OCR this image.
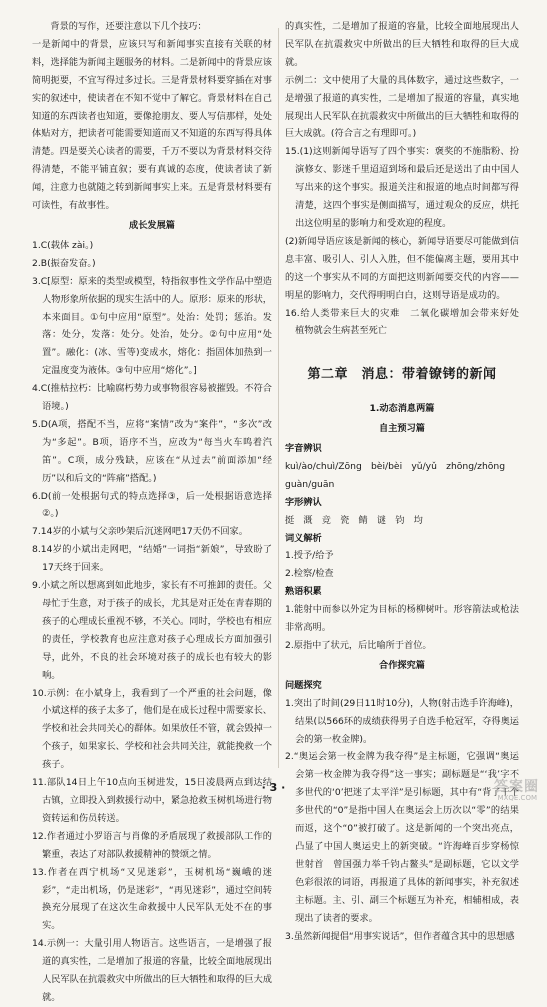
背景的写作，还要注意以下几个技巧：

一是新闻中的背景，应该只写和新闻事实直接有关联的材料，选择能为新闻主题服务的材料。二是新闻中的背景应该简明扼要，不宜写得过多过长。三是背景材料要穿插在对事实的叙述中，使读者在不知不觉中了解它。背景材料在自己知道的东西读者也知道，要像抢朋友、要人写信那样，处处体贴对方，把读者可能需要知道而又不知道的东西写得具体清楚。四是要关心读者的需要，千万不要以为背景材料交待得清楚，不能平铺直叙；要有真诚的态度，使读者读了新闻，注意力也就随之转到新闻事实上来。五是背景材料要有可读性，有故事性。

成长发展篇

1.C(载体 zài。)

2.B(振奋发奋。)

3.C[原型：原来的类型或模型，特指叙事性文学作品中塑造人物形象所依据的现实生活中的人。原形：原来的形状，本来面目。①句中应用“原型”。处治：处罚；惩治。发落：处分，发落：处分。处治，处分。②句中应用“处置”。融化：(冰、雪等)变成水，熔化：指固体加热到一定温度变为液体。③句中应用“熔化”。]

4.C(推枯拉朽：比喻腐朽势力或事物很容易被摧毁。不符合语境。)

5.D(A项，搭配不当，应将“案情”改为“案件”，“多次”改为“多起”。B项，语序不当，应改为“每当火车鸣着汽笛”。C项，成分残缺，应该在“从过去”前面添加“经历”以和后文的“阵痛”搭配。)

6.D(前一处根据句式的特点选择③，后一处根据语意选择②。)

7.14岁的小斌与父亲吵架后沉迷网吧17天仍不回家。

8.14岁的小斌出走网吧，“结婚”一词指“新娘”，导致盼了17天终于回来。

9.小斌之所以想离到如此地步，家长有不可推卸的责任。父母忙于生意，对于孩子的成长，尤其是对正处在青春期的孩子的心理成长重视不够，不关心。同时，学校也有相应的责任，学校教育也应注意对孩子心理成长方面加强引导，此外，不良的社会环境对孩子的成长也有较大的影响。

10.示例：在小斌身上，我看到了一个严重的社会问题，像小斌这样的孩子太多了，他们是在成长过程中需要家长、学校和社会共同关心的群体。如果放任不管，就会毁掉一个孩子，如果家长、学校和社会共同关注，就能挽救一个孩子。

11.部队14日上午10点向玉树进发，15日凌晨两点到达结古镇，立即投入到救援行动中，紧急抢救玉树机场进行物资转运和伤员转送。

12.作者通过小罗语言与肖像的矛盾展现了救援部队工作的繁重，表达了对部队救援精神的赞颂之情。

13.作者在西宁机场“又见迷彩”，玉树机场“巍峨的迷彩”，“走出机场，仍是迷彩”，“再见迷彩”，通过空间转换充分展现了在这次生命救援中人民军队无处不在的事实。

14.示例一：大量引用人物语言。这些语言，一是增强了报道的真实性，二是增加了报道的容量，比较全面地展现出人民军队在抗震救灾中所做出的巨大牺牲和取得的巨大成就。

的真实性，二是增加了报道的容量，比较全面地展现出人民军队在抗震救灾中所做出的巨大牺牲和取得的巨大成就。

示例二：文中使用了大量的具体数字，通过这些数字，一是增强了报道的真实性，二是增加了报道的容量，真实地展现出人民军队在抗震救灾中所做出的巨大牺牲和取得的巨大成就。(符合言之有理即可。)

15.(1)这则新闻导语写了四个事实：褒奖的不施脂粉、扮演修女、影迷千里迢迢到场和最后还是送出了由中国人写出来的这个事实。报道关注和报道的地点时间都写得清楚，这四个事实是侧面描写，通过观众的反应，烘托出这位明星的影响力和受欢迎的程度。

(2)新闻导语应该是新闻的核心，新闻导语要尽可能做到信息丰富、吸引人、引人入胜，但不能偏离主题，要用其中的这一个事实从不同的方面把这则新闻要交代的内容——明星的影响力，交代得明明白白，这则导语是成功的。

16.给人类带来巨大的灾难　二氧化碳增加会带来好处　植物就会生病甚至死亡

第二章　消息：带着镣铐的新闻
1.动态消息两篇
自主预习篇
字音辨识

kuì/ào/chuì/Zōng　bèi/bèi　yǔ/yǔ　zhōng/zhōng

guàn/guān

字形辨认

挺　溉　竞　瓷　鲭　谜　钧　均

词义解析

1.授予/给予

2.检察/检查

熟语积累

1.能射中而参以外定为目标的杨柳树叶。形容箭法或枪法非常高明。

2.原指中了状元，后比喻所于首位。

合作探究篇
问题探究

1.突出了时间(29日11时10分)，人物(射击选手许海峰)，结果(以566环的成绩获得男子自选手枪冠军，夺得奥运会的第一枚金牌)。

2.“奥运会第一枚金牌为我夺得”是主标题，它强调“奥运会第一枚金牌为我夺得”这一事实；副标题是“‘我’字不多世代的‘0’把迷了太平洋”是引标题，其中有“背了干个多世代的“0”是指中国人在奥运会上历次以“零”的结果而返，这个“0”被打破了。这是新闻的一个突出亮点，凸显了中国人奥运史上的新突破。“许海峰百步穿杨惊世射首　曾国强力举千钧占鳌头”是副标题，它以文学色彩很浓的词语，再报道了具体的新闻事实，补充叙述主标题。主、引、副三个标题互为补充，相辅相成，表现出了读者的要求。

3.虽然新闻提倡“用事实说话”，但作者蕴含其中的思想感

· 3 ·	答案圈
MXQE.COM
